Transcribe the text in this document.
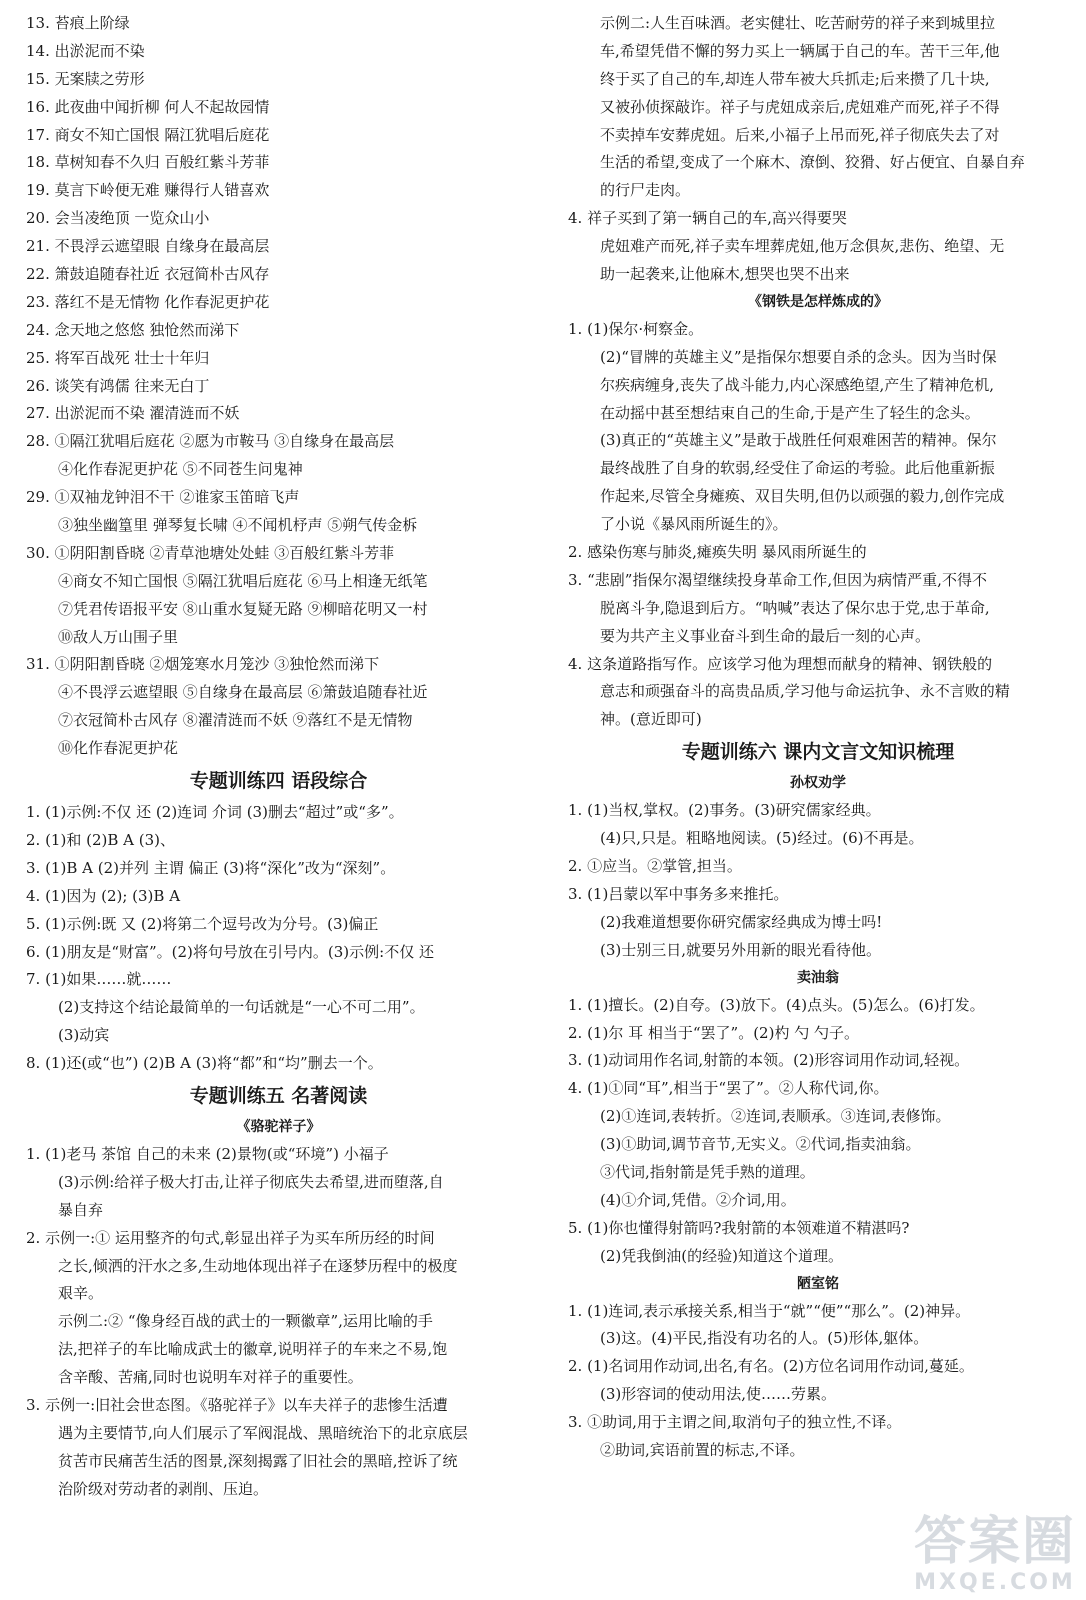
13. 苔痕上阶绿
14. 出淤泥而不染
15. 无案牍之劳形
16. 此夜曲中闻折柳 何人不起故园情
17. 商女不知亡国恨 隔江犹唱后庭花
18. 草树知春不久归 百般红紫斗芳菲
19. 莫言下岭便无难 赚得行人错喜欢
20. 会当凌绝顶 一览众山小
21. 不畏浮云遮望眼 自缘身在最高层
22. 箫鼓追随春社近 衣冠简朴古风存
23. 落红不是无情物 化作春泥更护花
24. 念天地之悠悠 独怆然而涕下
25. 将军百战死 壮士十年归
26. 谈笑有鸿儒 往来无白丁
27. 出淤泥而不染 濯清涟而不妖
28. ①隔江犹唱后庭花 ②愿为市鞍马 ③自缘身在最高层
④化作春泥更护花 ⑤不同苍生问鬼神
29. ①双袖龙钟泪不干 ②谁家玉笛暗飞声
③独坐幽篁里 弹琴复长啸 ④不闻机杼声 ⑤朔气传金柝
30. ①阴阳割昏晓 ②青草池塘处处蛙 ③百般红紫斗芳菲
④商女不知亡国恨 ⑤隔江犹唱后庭花 ⑥马上相逢无纸笔
⑦凭君传语报平安 ⑧山重水复疑无路 ⑨柳暗花明又一村
⑩敌人万山围子里
31. ①阴阳割昏晓 ②烟笼寒水月笼沙 ③独怆然而涕下
④不畏浮云遮望眼 ⑤自缘身在最高层 ⑥箫鼓追随春社近
⑦衣冠简朴古风存 ⑧濯清涟而不妖 ⑨落红不是无情物
⑩化作春泥更护花
专题训练四 语段综合
1. (1)示例:不仅 还 (2)连词 介词 (3)删去“超过”或“多”。
2. (1)和 (2)B A (3)、
3. (1)B A (2)并列 主谓 偏正 (3)将“深化”改为“深刻”。
4. (1)因为 (2); (3)B A
5. (1)示例:既 又 (2)将第二个逗号改为分号。(3)偏正
6. (1)朋友是“财富”。(2)将句号放在引号内。(3)示例:不仅 还
7. (1)如果……就……
(2)支持这个结论最简单的一句话就是“一心不可二用”。
(3)动宾
8. (1)还(或“也”) (2)B A (3)将“都”和“均”删去一个。
专题训练五 名著阅读
《骆驼祥子》
1. (1)老马 茶馆 自己的未来 (2)景物(或“环境”) 小福子
(3)示例:给祥子极大打击,让祥子彻底失去希望,进而堕落,自
暴自弃
2. 示例一:① 运用整齐的句式,彰显出祥子为买车所历经的时间
之长,倾洒的汗水之多,生动地体现出祥子在逐梦历程中的极度
艰辛。
示例二:② “像身经百战的武士的一颗徽章”,运用比喻的手
法,把祥子的车比喻成武士的徽章,说明祥子的车来之不易,饱
含辛酸、苦痛,同时也说明车对祥子的重要性。
3. 示例一:旧社会世态图。《骆驼祥子》以车夫祥子的悲惨生活遭
遇为主要情节,向人们展示了军阀混战、黑暗统治下的北京底层
贫苦市民痛苦生活的图景,深刻揭露了旧社会的黑暗,控诉了统
治阶级对劳动者的剥削、压迫。
示例二:人生百味酒。老实健壮、吃苦耐劳的祥子来到城里拉
车,希望凭借不懈的努力买上一辆属于自己的车。苦干三年,他
终于买了自己的车,却连人带车被大兵抓走;后来攒了几十块,
又被孙侦探敲诈。祥子与虎妞成亲后,虎妞难产而死,祥子不得
不卖掉车安葬虎妞。后来,小福子上吊而死,祥子彻底失去了对
生活的希望,变成了一个麻木、潦倒、狡猾、好占便宜、自暴自弃
的行尸走肉。
4. 祥子买到了第一辆自己的车,高兴得要哭
虎妞难产而死,祥子卖车埋葬虎妞,他万念俱灰,悲伤、绝望、无
助一起袭来,让他麻木,想哭也哭不出来
《钢铁是怎样炼成的》
1. (1)保尔·柯察金。
(2)“冒牌的英雄主义”是指保尔想要自杀的念头。因为当时保
尔疾病缠身,丧失了战斗能力,内心深感绝望,产生了精神危机,
在动摇中甚至想结束自己的生命,于是产生了轻生的念头。
(3)真正的“英雄主义”是敢于战胜任何艰难困苦的精神。保尔
最终战胜了自身的软弱,经受住了命运的考验。此后他重新振
作起来,尽管全身瘫痪、双目失明,但仍以顽强的毅力,创作完成
了小说《暴风雨所诞生的》。
2. 感染伤寒与肺炎,瘫痪失明 暴风雨所诞生的
3. “悲剧”指保尔渴望继续投身革命工作,但因为病情严重,不得不
脱离斗争,隐退到后方。“呐喊”表达了保尔忠于党,忠于革命,
要为共产主义事业奋斗到生命的最后一刻的心声。
4. 这条道路指写作。应该学习他为理想而献身的精神、钢铁般的
意志和顽强奋斗的高贵品质,学习他与命运抗争、永不言败的精
神。(意近即可)
专题训练六 课内文言文知识梳理
孙权劝学
1. (1)当权,掌权。(2)事务。(3)研究儒家经典。
(4)只,只是。粗略地阅读。(5)经过。(6)不再是。
2. ①应当。②掌管,担当。
3. (1)吕蒙以军中事务多来推托。
(2)我难道想要你研究儒家经典成为博士吗!
(3)士别三日,就要另外用新的眼光看待他。
卖油翁
1. (1)擅长。(2)自夸。(3)放下。(4)点头。(5)怎么。(6)打发。
2. (1)尔 耳 相当于“罢了”。(2)杓 勺 勺子。
3. (1)动词用作名词,射箭的本领。(2)形容词用作动词,轻视。
4. (1)①同“耳”,相当于“罢了”。②人称代词,你。
(2)①连词,表转折。②连词,表顺承。③连词,表修饰。
(3)①助词,调节音节,无实义。②代词,指卖油翁。
③代词,指射箭是凭手熟的道理。
(4)①介词,凭借。②介词,用。
5. (1)你也懂得射箭吗?我射箭的本领难道不精湛吗?
(2)凭我倒油(的经验)知道这个道理。
陋室铭
1. (1)连词,表示承接关系,相当于“就”“便”“那么”。(2)神异。
(3)这。(4)平民,指没有功名的人。(5)形体,躯体。
2. (1)名词用作动词,出名,有名。(2)方位名词用作动词,蔓延。
(3)形容词的使动用法,使……劳累。
3. ①助词,用于主谓之间,取消句子的独立性,不译。
②助词,宾语前置的标志,不译。
答案圈
MXQE.COM
